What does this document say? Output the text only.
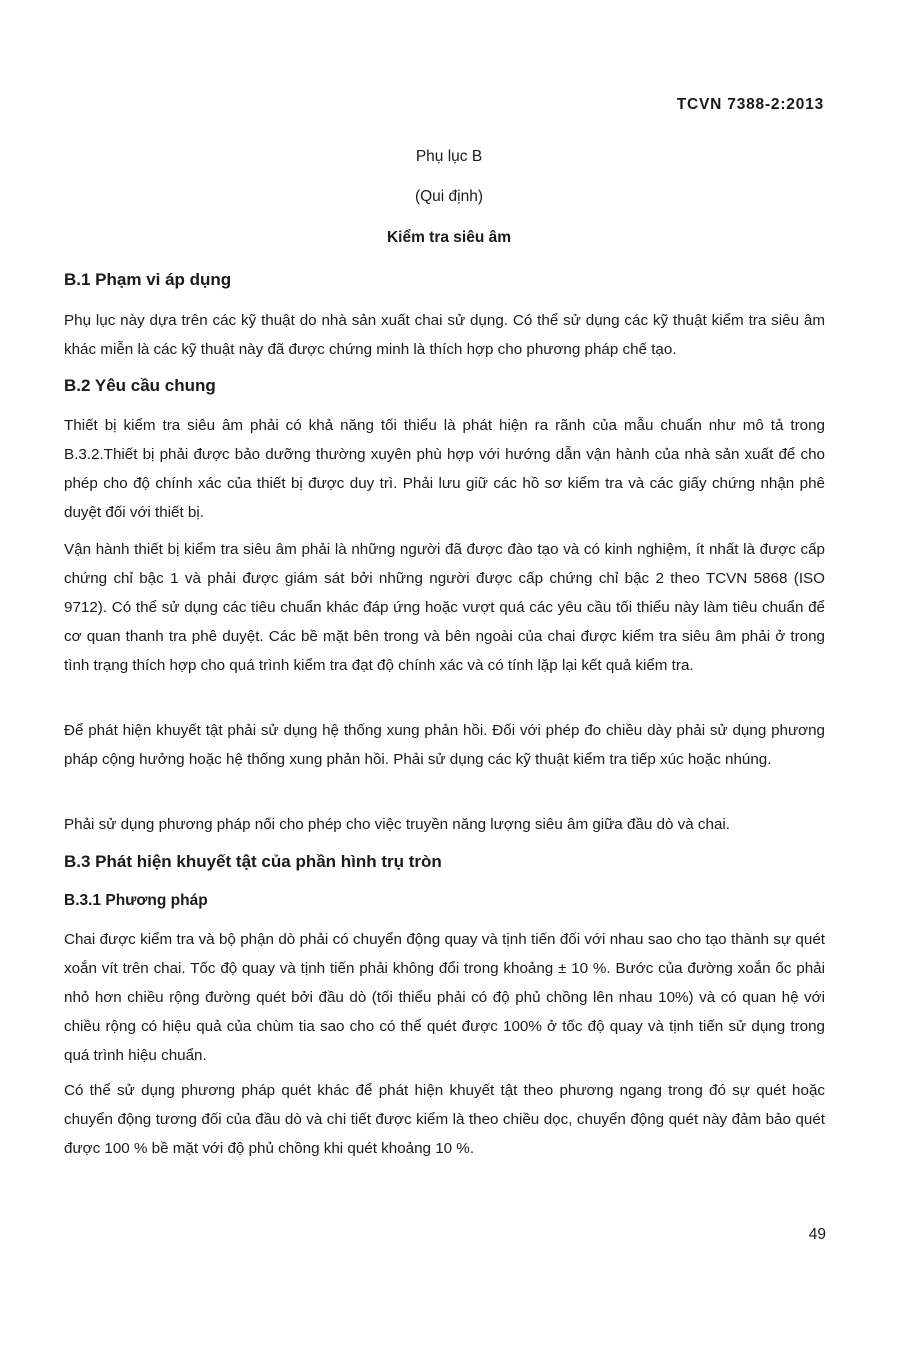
TCVN 7388-2:2013
Phụ lục B
(Qui định)
Kiểm tra siêu âm
B.1 Phạm vi áp dụng

Phụ lục này dựa trên các kỹ thuật do nhà sản xuất chai sử dụng. Có thể sử dụng các kỹ thuật kiểm tra siêu âm khác miễn là các kỹ thuật này đã được chứng minh là thích hợp cho phương pháp chế tạo.

B.2 Yêu cầu chung

Thiết bị kiểm tra siêu âm phải có khả năng tối thiểu là phát hiện ra rãnh của mẫu chuẩn như mô tả trong B.3.2.Thiết bị phải được bảo dưỡng thường xuyên phù hợp với hướng dẫn vận hành của nhà sản xuất để cho phép cho độ chính xác của thiết bị được duy trì. Phải lưu giữ các hồ sơ kiểm tra và các giấy chứng nhận phê duyệt đối với thiết bị.

Vận hành thiết bị kiểm tra siêu âm phải là những người đã được đào tạo và có kinh nghiệm, ít nhất là được cấp chứng chỉ bậc 1 và phải được giám sát bởi những người được cấp chứng chỉ bậc 2 theo TCVN 5868 (ISO 9712). Có thể sử dụng các tiêu chuẩn khác đáp ứng hoặc vượt quá các yêu cầu tối thiểu này làm tiêu chuẩn để cơ quan thanh tra phê duyệt. Các bề mặt bên trong và bên ngoài của chai được kiểm tra siêu âm phải ở trong tình trạng thích hợp cho quá trình kiểm tra đạt độ chính xác và có tính lặp lại kết quả kiểm tra.

Để phát hiện khuyết tật phải sử dụng hệ thống xung phản hồi. Đối với phép đo chiều dày phải sử dụng phương pháp cộng hưởng hoặc hệ thống xung phản hồi. Phải sử dụng các kỹ thuật kiểm tra tiếp xúc hoặc nhúng.

Phải sử dụng phương pháp nối cho phép cho việc truyền năng lượng siêu âm giữa đầu dò và chai.

B.3 Phát hiện khuyết tật của phần hình trụ tròn
B.3.1 Phương pháp

Chai được kiểm tra và bộ phận dò phải có chuyển động quay và tịnh tiến đối với nhau sao cho tạo thành sự quét xoắn vít trên chai. Tốc độ quay và tịnh tiến phải không đổi trong khoảng ± 10 %. Bước của đường xoắn ốc phải nhỏ hơn chiều rộng đường quét bởi đầu dò (tối thiểu phải có độ phủ chồng lên nhau 10%) và có quan hệ với chiều rộng có hiệu quả của chùm tia sao cho có thể quét được 100% ở tốc độ quay và tịnh tiến sử dụng trong quá trình hiệu chuẩn.

Có thể sử dụng phương pháp quét khác để phát hiện khuyết tật theo phương ngang trong đó sự quét hoặc chuyển động tương đối của đầu dò và chi tiết được kiểm là theo chiều dọc, chuyển động quét này đảm bảo quét được 100 % bề mặt với độ phủ chồng khi quét khoảng 10 %.

49
